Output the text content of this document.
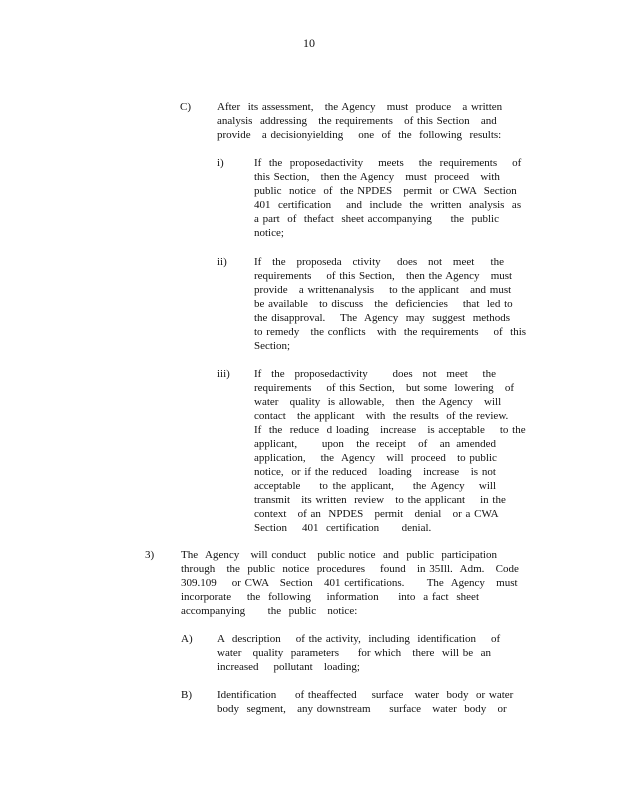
10
C) After  its assessment,   the Agency   must  produce   a written
analysis  addressing   the requirements   of this Section   and
provide   a decisionyielding    one  of  the  following  results:
i)	If  the  proposedactivity    meets    the  requirements    of
this Section,   then the Agency   must  proceed   with
public  notice  of  the NPDES   permit  or CWA  Section
401  certification    and  include  the  written  analysis  as
a part  of  thefact  sheet accompanying     the  public
notice;
ii) If  the  proposeda  ctivity   does  not  meet   the
requirements    of this Section,   then the Agency   must
provide   a writtenanalysis    to the applicant   and must
be available   to discuss   the  deficiencies    that  led to
the disapproval.    The  Agency  may  suggest  methods
to remedy   the conflicts   with  the requirements    of  this
Section;
iii) If  the  proposedactivity     does  not  meet   the
requirements    of this Section,   but some  lowering   of
water   quality  is allowable,   then  the Agency   will
contact   the applicant   with  the results  of the review.
If  the  reduce  d loading   increase   is acceptable    to the
applicant,    upon  the receipt  of  an amended
application,    the  Agency   will  proceed   to public
notice,  or if the reduced   loading   increase   is not
acceptable    to the applicant,    the Agency   will
transmit   its written  review   to the applicant    in the
context   of an  NPDES   permit   denial   or a CWA
Section    401  certification      denial.
3) The  Agency   will conduct   public notice  and  public  participation
through   the  public  notice  procedures    found   in 35Ill.  Adm.   Code
309.109    or CWA   Section   401 certifications.      The  Agency   must
incorporate    the  following    information     into  a fact  sheet
accompanying      the  public   notice:
A) A  description    of the activity,  including  identification    of
water   quality  parameters     for which   there  will be  an
increased    pollutant   loading;
B) Identification     of theaffected    surface   water  body  or water
body  segment,   any downstream     surface   water  body   or
